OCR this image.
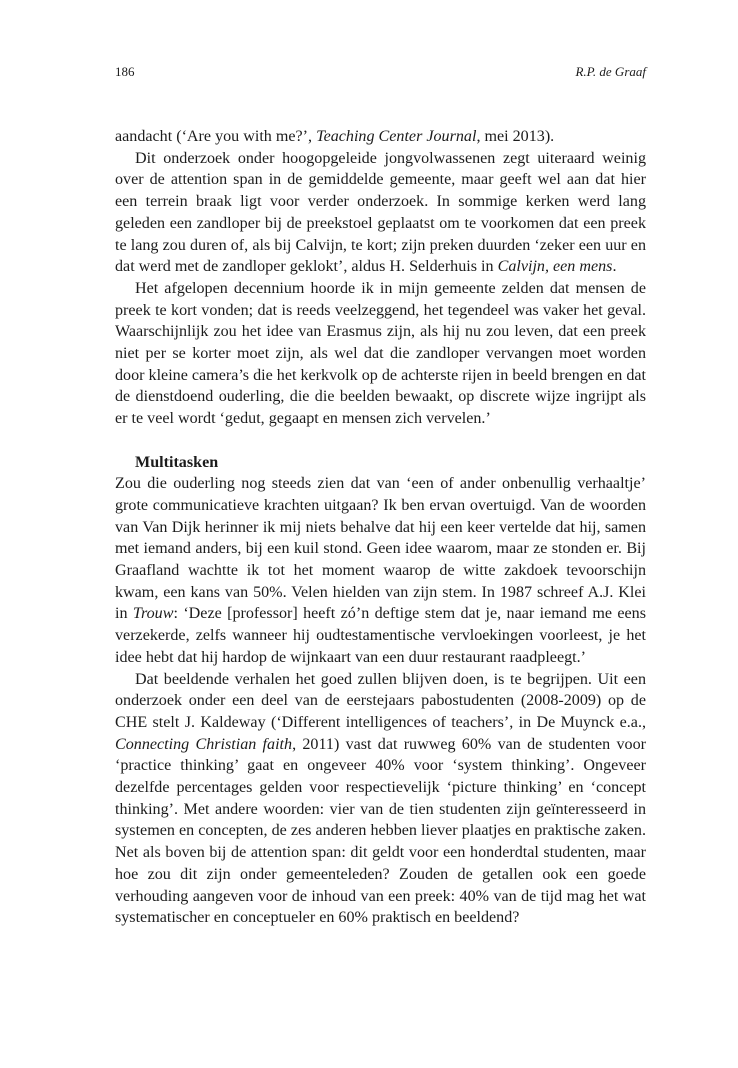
186	R.P. de Graaf

aandacht (‘Are you with me?’, Teaching Center Journal, mei 2013).

Dit onderzoek onder hoogopgeleide jongvolwassenen zegt uiteraard weinig over de attention span in de gemiddelde gemeente, maar geeft wel aan dat hier een terrein braak ligt voor verder onderzoek. In sommige kerken werd lang geleden een zandloper bij de preekstoel geplaatst om te voorkomen dat een preek te lang zou duren of, als bij Calvijn, te kort; zijn preken duurden ‘zeker een uur en dat werd met de zandloper geklokt’, aldus H. Selderhuis in Calvijn, een mens.

Het afgelopen decennium hoorde ik in mijn gemeente zelden dat mensen de preek te kort vonden; dat is reeds veelzeggend, het tegendeel was vaker het geval. Waarschijnlijk zou het idee van Erasmus zijn, als hij nu zou leven, dat een preek niet per se korter moet zijn, als wel dat die zandloper vervangen moet worden door kleine camera’s die het kerkvolk op de achterste rijen in beeld brengen en dat de dienstdoend ouderling, die die beelden bewaakt, op discrete wijze ingrijpt als er te veel wordt ‘gedut, gegaapt en mensen zich vervelen.’

Multitasken

Zou die ouderling nog steeds zien dat van ‘een of ander onbenullig verhaaltje’ grote communicatieve krachten uitgaan? Ik ben ervan overtuigd. Van de woorden van Van Dijk herinner ik mij niets behalve dat hij een keer vertelde dat hij, samen met iemand anders, bij een kuil stond. Geen idee waarom, maar ze stonden er. Bij Graafland wachtte ik tot het moment waarop de witte zakdoek tevoorschijn kwam, een kans van 50%. Velen hielden van zijn stem. In 1987 schreef A.J. Klei in Trouw: ‘Deze [professor] heeft zó’n deftige stem dat je, naar iemand me eens verzekerde, zelfs wanneer hij oudtestamentische vervloekingen voorleest, je het idee hebt dat hij hardop de wijnkaart van een duur restaurant raadpleegt.’

Dat beeldende verhalen het goed zullen blijven doen, is te begrijpen. Uit een onderzoek onder een deel van de eerstejaars pabostudenten (2008-2009) op de CHE stelt J. Kaldeway (‘Different intelligences of teachers’, in De Muynck e.a., Connecting Christian faith, 2011) vast dat ruwweg 60% van de studenten voor ‘practice thinking’ gaat en ongeveer 40% voor ‘system thinking’. Ongeveer dezelfde percentages gelden voor respectievelijk ‘picture thinking’ en ‘concept thinking’. Met andere woorden: vier van de tien studenten zijn geïnteresseerd in systemen en concepten, de zes anderen hebben liever plaatjes en praktische zaken. Net als boven bij de attention span: dit geldt voor een honderdtal studenten, maar hoe zou dit zijn onder gemeenteleden? Zouden de getallen ook een goede verhouding aangeven voor de inhoud van een preek: 40% van de tijd mag het wat systematischer en conceptueler en 60% praktisch en beeldend?
